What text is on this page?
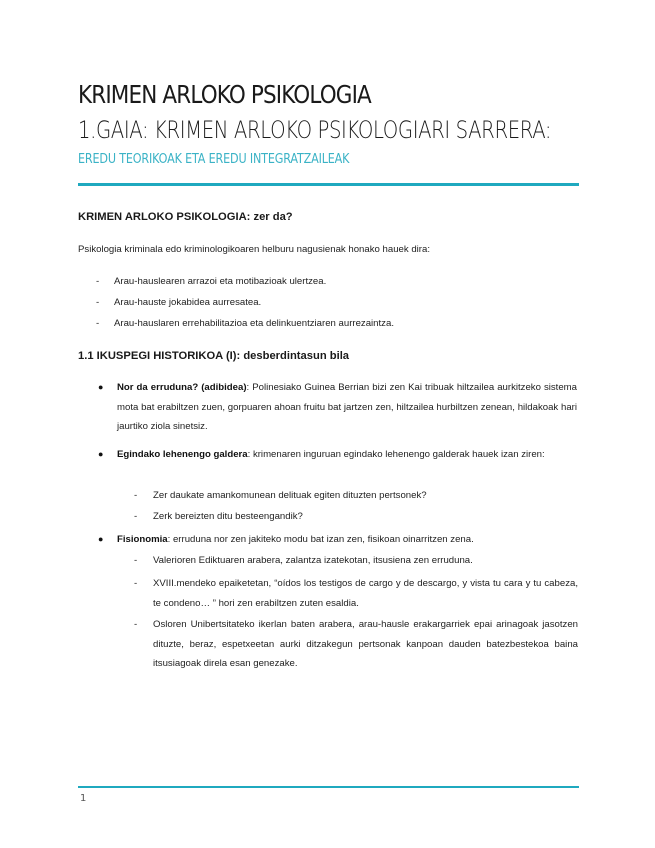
KRIMEN ARLOKO PSIKOLOGIA
1.GAIA: KRIMEN ARLOKO PSIKOLOGIARI SARRERA:
EREDU TEORIKOAK ETA EREDU INTEGRATZAILEAK
KRIMEN ARLOKO PSIKOLOGIA: zer da?
Psikologia kriminala edo kriminologikoaren helburu nagusienak honako hauek dira:
- Arau-hauslearen arrazoi eta motibazioak ulertzea.
- Arau-hauste jokabidea aurresatea.
- Arau-hauslaren errehabilitazioa eta delinkuentziaren aurrezaintza.
1.1 IKUSPEGI HISTORIKOA (I): desberdintasun bila
● Nor da erruduna? (adibidea): Polinesiako Guinea Berrian bizi zen Kai tribuak hiltzailea aurkitzeko sistema mota bat erabiltzen zuen, gorpuaren ahoan fruitu bat jartzen zen, hiltzailea hurbiltzen zenean, hildakoak hari jaurtiko ziola sinetsiz.
● Egindako lehenengo galdera: krimenaren inguruan egindako lehenengo galderak hauek izan ziren:
- Zer daukate amankomunean delituak egiten dituzten pertsonek?
- Zerk bereizten ditu besteengandik?
● Fisionomia: erruduna nor zen jakiteko modu bat izan zen, fisikoan oinarritzen zena.
- Valerioren Ediktuaren arabera, zalantza izatekotan, itsusiena zen erruduna.
- XVIII.mendeko epaiketetan, “oídos los testigos de cargo y de descargo, y vista tu cara y tu cabeza, te condeno… ” hori zen erabiltzen zuten esaldia.
- Osloren Unibertsitateko ikerlan baten arabera, arau-hausle erakargarriek epai arinagoak jasotzen dituzte, beraz, espetxeetan aurki ditzakegun pertsonak kanpoan dauden batezbestekoa baina itsusiagoak direla esan genezake.
1
